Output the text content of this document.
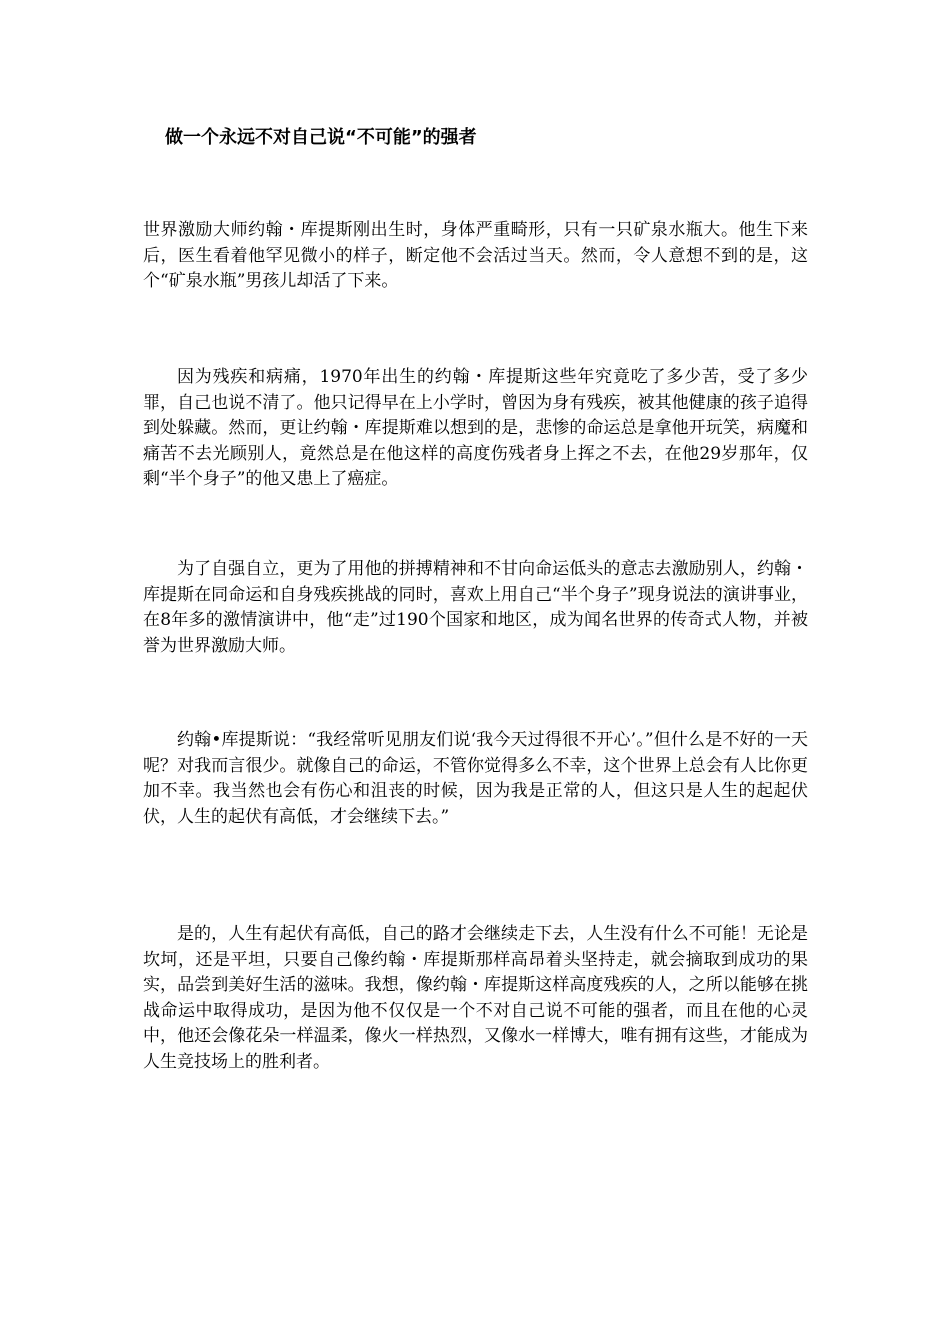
做一个永远不对自己说“不可能”的强者

世界激励大师约翰・库提斯刚出生时，身体严重畸形，只有一只矿泉水瓶大。他生下来后，医生看着他罕见微小的样子，断定他不会活过当天。然而，令人意想不到的是，这个“矿泉水瓶”男孩儿却活了下来。

因为残疾和病痛，1970年出生的约翰・库提斯这些年究竟吃了多少苦，受了多少罪，自己也说不清了。他只记得早在上小学时，曾因为身有残疾，被其他健康的孩子追得到处躲藏。然而，更让约翰・库提斯难以想到的是，悲惨的命运总是拿他开玩笑，病魔和痛苦不去光顾别人，竟然总是在他这样的高度伤残者身上挥之不去，在他29岁那年，仅剩“半个身子”的他又患上了癌症。

为了自强自立，更为了用他的拼搏精神和不甘向命运低头的意志去激励别人，约翰・库提斯在同命运和自身残疾挑战的同时，喜欢上用自己“半个身子”现身说法的演讲事业，在8年多的激情演讲中，他“走”过190个国家和地区，成为闻名世界的传奇式人物，并被誉为世界激励大师。

约翰•库提斯说：“我经常听见朋友们说‘我今天过得很不开心’。”但什么是不好的一天呢？对我而言很少。就像自己的命运，不管你觉得多么不幸，这个世界上总会有人比你更加不幸。我当然也会有伤心和沮丧的时候，因为我是正常的人，但这只是人生的起起伏伏，人生的起伏有高低，才会继续下去。”

是的，人生有起伏有高低，自己的路才会继续走下去，人生没有什么不可能！无论是坎坷，还是平坦，只要自己像约翰・库提斯那样高昂着头坚持走，就会摘取到成功的果实，品尝到美好生活的滋味。我想，像约翰・库提斯这样高度残疾的人，之所以能够在挑战命运中取得成功，是因为他不仅仅是一个不对自己说不可能的强者，而且在他的心灵中，他还会像花朵一样温柔，像火一样热烈，又像水一样博大，唯有拥有这些，才能成为人生竞技场上的胜利者。
